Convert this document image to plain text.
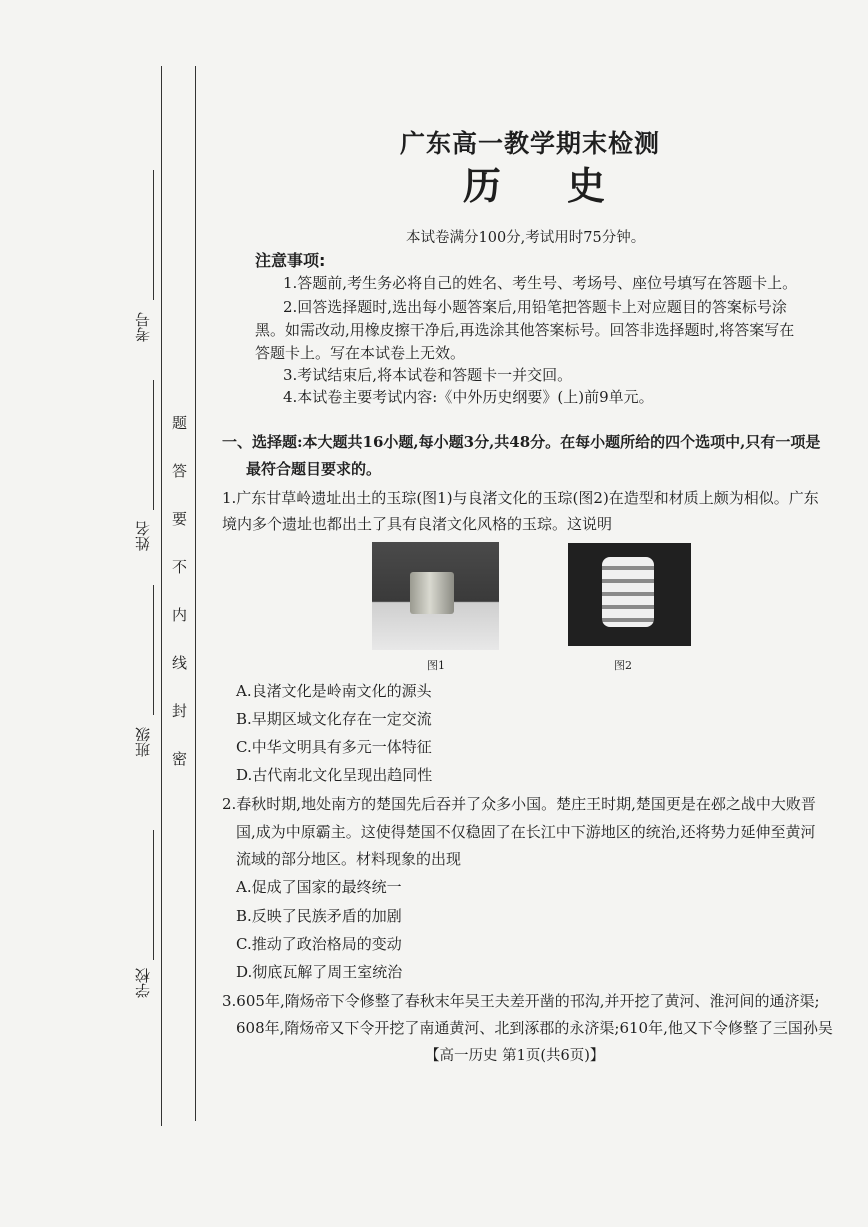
考号
姓名
班级
学校
密
封
线
内
不
要
答
题
广东高一教学期末检测
历史
本试卷满分100分,考试用时75分钟。
注意事项:
1.答题前,考生务必将自己的姓名、考生号、考场号、座位号填写在答题卡上。
2.回答选择题时,选出每小题答案后,用铅笔把答题卡上对应题目的答案标号涂
黑。如需改动,用橡皮擦干净后,再选涂其他答案标号。回答非选择题时,将答案写在
答题卡上。写在本试卷上无效。
3.考试结束后,将本试卷和答题卡一并交回。
4.本试卷主要考试内容:《中外历史纲要》(上)前9单元。
一、选择题:本大题共16小题,每小题3分,共48分。在每小题所给的四个选项中,只有一项是
最符合题目要求的。
1.广东甘草岭遗址出土的玉琮(图1)与良渚文化的玉琮(图2)在造型和材质上颇为相似。广东
境内多个遗址也都出土了具有良渚文化风格的玉琮。这说明
图1	图2
A.良渚文化是岭南文化的源头
B.早期区域文化存在一定交流
C.中华文明具有多元一体特征
D.古代南北文化呈现出趋同性
2.春秋时期,地处南方的楚国先后吞并了众多小国。楚庄王时期,楚国更是在邲之战中大败晋
国,成为中原霸主。这使得楚国不仅稳固了在长江中下游地区的统治,还将势力延伸至黄河
流域的部分地区。材料现象的出现
A.促成了国家的最终统一
B.反映了民族矛盾的加剧
C.推动了政治格局的变动
D.彻底瓦解了周王室统治
3.605年,隋炀帝下令修整了春秋末年吴王夫差开凿的邗沟,并开挖了黄河、淮河间的通济渠;
608年,隋炀帝又下令开挖了南通黄河、北到涿郡的永济渠;610年,他又下令修整了三国孙吴
【高一历史 第1页(共6页)】
